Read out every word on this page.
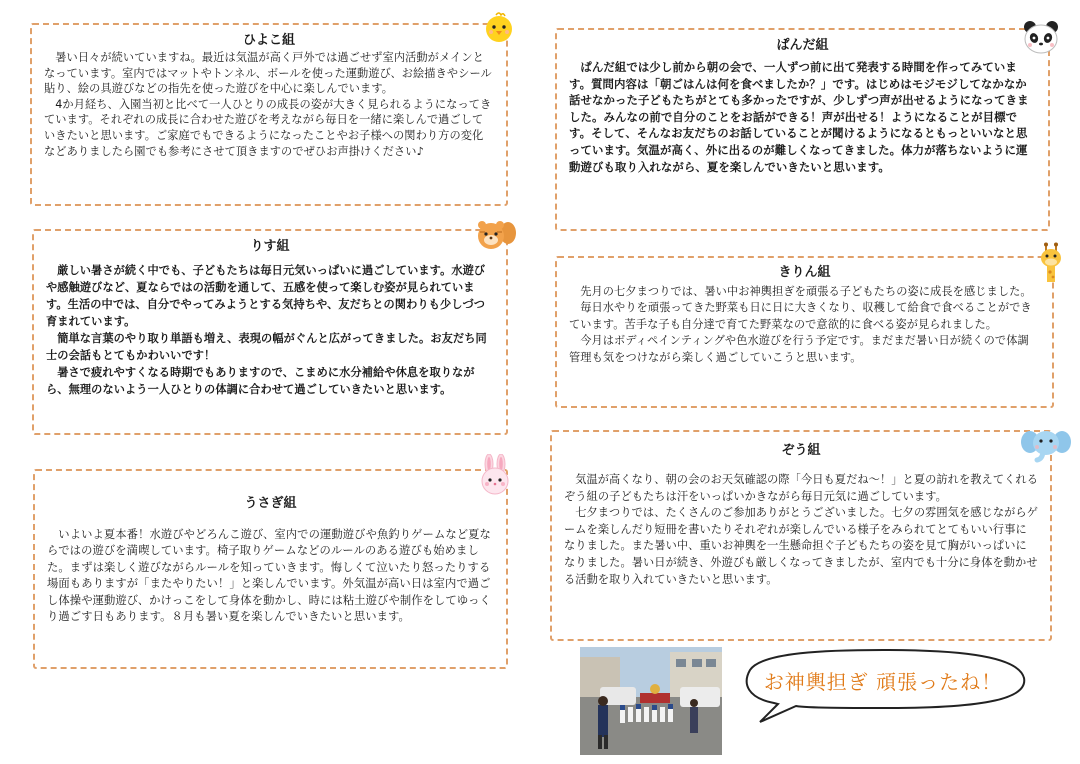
ひよこ組

暑い日々が続いていますね。最近は気温が高く戸外では過ごせず室内活動がメインとなっています。室内ではマットやトンネル、ボールを使った運動遊び、お絵描きやシール貼り、絵の具遊びなどの指先を使った遊びを中心に楽しんでいます。

4か月経ち、入園当初と比べて一人ひとりの成長の姿が大きく見られるようになってきています。それぞれの成長に合わせた遊びを考えながら毎日を一緒に楽しんで過ごしていきたいと思います。ご家庭でもできるようになったことやお子様への関わり方の変化などありましたら園でも参考にさせて頂きますのでぜひお声掛けください♪

りす組

厳しい暑さが続く中でも、子どもたちは毎日元気いっぱいに過ごしています。水遊びや感触遊びなど、夏ならではの活動を通して、五感を使って楽しむ姿が見られています。生活の中では、自分でやってみようとする気持ちや、友だちとの関わりも少しづつ育まれています。

簡単な言葉のやり取り単語も増え、表現の幅がぐんと広がってきました。お友だち同士の会話もとてもかわいいです！

暑さで疲れやすくなる時期でもありますので、こまめに水分補給や休息を取りながら、無理のないよう一人ひとりの体調に合わせて過ごしていきたいと思います。

うさぎ組

いよいよ夏本番！水遊びやどろんこ遊び、室内での運動遊びや魚釣りゲームなど夏ならではの遊びを満喫しています。椅子取りゲームなどのルールのある遊びも始めました。まずは楽しく遊びながらルールを知っていきます。悔しくて泣いたり怒ったりする場面もありますが「またやりたい！」と楽しんでいます。外気温が高い日は室内で過ごし体操や運動遊び、かけっこをして身体を動かし、時には粘土遊びや制作をしてゆっくり過ごす日もあります。８月も暑い夏を楽しんでいきたいと思います。

ぱんだ組

ぱんだ組では少し前から朝の会で、一人ずつ前に出て発表する時間を作ってみています。質問内容は「朝ごはんは何を食べましたか？」です。はじめはモジモジしてなかなか話せなかった子どもたちがとても多かったですが、少しずつ声が出せるようになってきました。みんなの前で自分のことをお話ができる！声が出せる！ようになることが目標です。そして、そんなお友だちのお話していることが聞けるようになるともっといいなと思っています。気温が高く、外に出るのが難しくなってきました。体力が落ちないように運動遊びも取り入れながら、夏を楽しんでいきたいと思います。

きりん組

先月の七夕まつりでは、暑い中お神輿担ぎを頑張る子どもたちの姿に成長を感じました。

毎日水やりを頑張ってきた野菜も日に日に大きくなり、収穫して給食で食べることができています。苦手な子も自分達で育てた野菜なので意欲的に食べる姿が見られました。

今月はボディペインティングや色水遊びを行う予定です。まだまだ暑い日が続くので体調管理も気をつけながら楽しく過ごしていこうと思います。

ぞう組

気温が高くなり、朝の会のお天気確認の際「今日も夏だね〜！」と夏の訪れを教えてくれるぞう組の子どもたちは汗をいっぱいかきながら毎日元気に過ごしています。

七夕まつりでは、たくさんのご参加ありがとうございました。七夕の雰囲気を感じながらゲームを楽しんだり短冊を書いたりそれぞれが楽しんでいる様子をみられてとてもいい行事になりました。また暑い中、重いお神輿を一生懸命担ぐ子どもたちの姿を見て胸がいっぱいになりました。暑い日が続き、外遊びも厳しくなってきましたが、室内でも十分に身体を動かせる活動を取り入れていきたいと思います。

お神輿担ぎ 頑張ったね！
